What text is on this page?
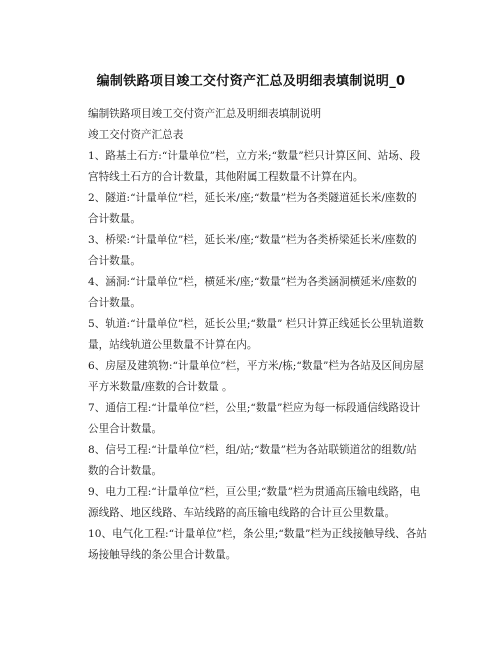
编制铁路项目竣工交付资产汇总及明细表填制说明_0
编制铁路项目竣工交付资产汇总及明细表填制说明
竣工交付资产汇总表
1、路基土石方:“计量单位”栏，立方米;“数量”栏只计算区间、站场、段
宫特线土石方的合计数量，其他附属工程数量不计算在内。
2、隧道:“计量单位”栏，延长米/座;“数量”栏为各类隧道延长米/座数的
合计数量。
3、桥梁:“计量单位”栏，延长米/座;“数量”栏为各类桥梁延长米/座数的
合计数量。
4、涵洞:“计量单位”栏，横延米/座;“数量”栏为各类涵洞横延米/座数的
合计数量。
5、轨道:“计量单位”栏，延长公里;“数量” 栏只计算正线延长公里轨道数
量，站线轨道公里数量不计算在内。
6、房屋及建筑物:“计量单位”栏，平方米/栋;“数量”栏为各站及区间房屋
平方米数量/座数的合计数量 。
7、通信工程:“计量单位”栏，公里;“数量”栏应为每一标段通信线路设计
公里合计数量。
8、信号工程:“计量单位”栏，组/站;“数量”栏为各站联锁道岔的组数/站
数的合计数量。
9、电力工程:“计量单位”栏，亘公里;“数量”栏为贯通高压输电线路，电
源线路、地区线路、车站线路的高压输电线路的合计亘公里数量。
10、电气化工程:“计量单位”栏，条公里;“数量”栏为正线接触导线、各站
场接触导线的条公里合计数量。
